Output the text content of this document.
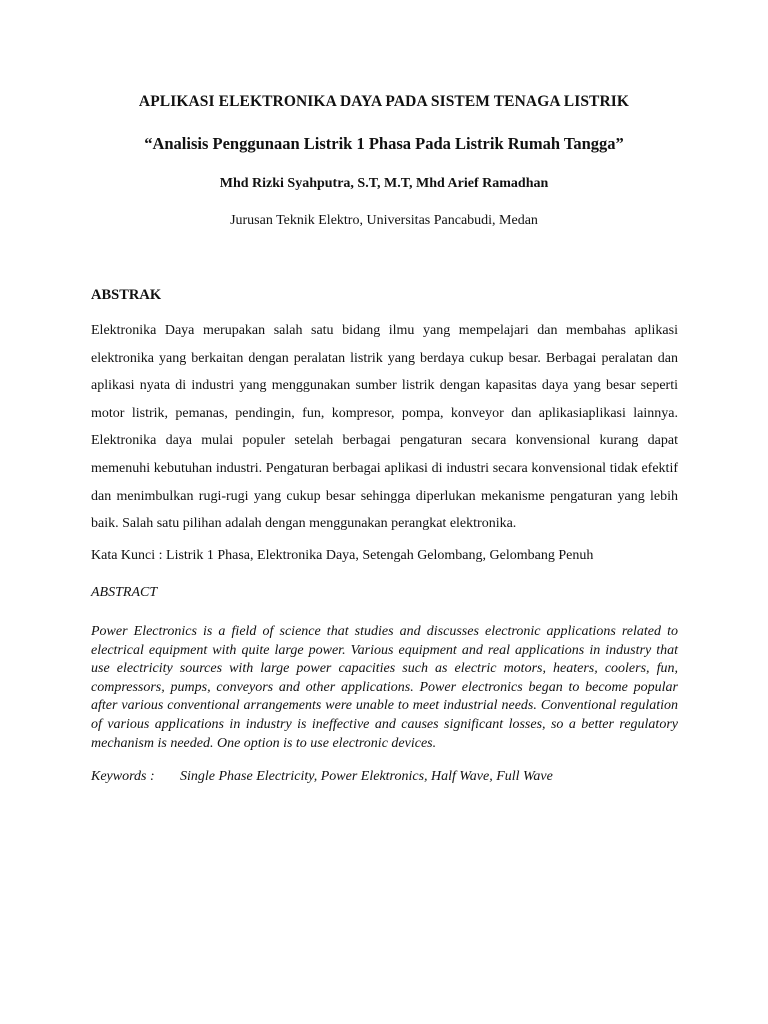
APLIKASI ELEKTRONIKA DAYA PADA SISTEM TENAGA LISTRIK
“Analisis Penggunaan Listrik 1 Phasa Pada Listrik Rumah Tangga”
Mhd Rizki Syahputra, S.T, M.T, Mhd Arief Ramadhan
Jurusan Teknik Elektro, Universitas Pancabudi, Medan
ABSTRAK

Elektronika Daya merupakan salah satu bidang ilmu yang mempelajari dan membahas aplikasi elektronika yang berkaitan dengan peralatan listrik yang berdaya cukup besar. Berbagai peralatan dan aplikasi nyata di industri yang menggunakan sumber listrik dengan kapasitas daya yang besar seperti motor listrik, pemanas, pendingin, fun, kompresor, pompa, konveyor dan aplikasiaplikasi lainnya. Elektronika daya mulai populer setelah berbagai pengaturan secara konvensional kurang dapat memenuhi kebutuhan industri. Pengaturan berbagai aplikasi di industri secara konvensional tidak efektif dan menimbulkan rugi-rugi yang cukup besar sehingga diperlukan mekanisme pengaturan yang lebih baik. Salah satu pilihan adalah dengan menggunakan perangkat elektronika.

Kata Kunci : Listrik 1 Phasa, Elektronika Daya, Setengah Gelombang, Gelombang Penuh
ABSTRACT

Power Electronics is a field of science that studies and discusses electronic applications related to electrical equipment with quite large power. Various equipment and real applications in industry that use electricity sources with large power capacities such as electric motors, heaters, coolers, fun, compressors, pumps, conveyors and other applications. Power electronics began to become popular after various conventional arrangements were unable to meet industrial needs. Conventional regulation of various applications in industry is ineffective and causes significant losses, so a better regulatory mechanism is needed. One option is to use electronic devices.

Keywords : Single Phase Electricity, Power Elektronics, Half Wave, Full Wave
